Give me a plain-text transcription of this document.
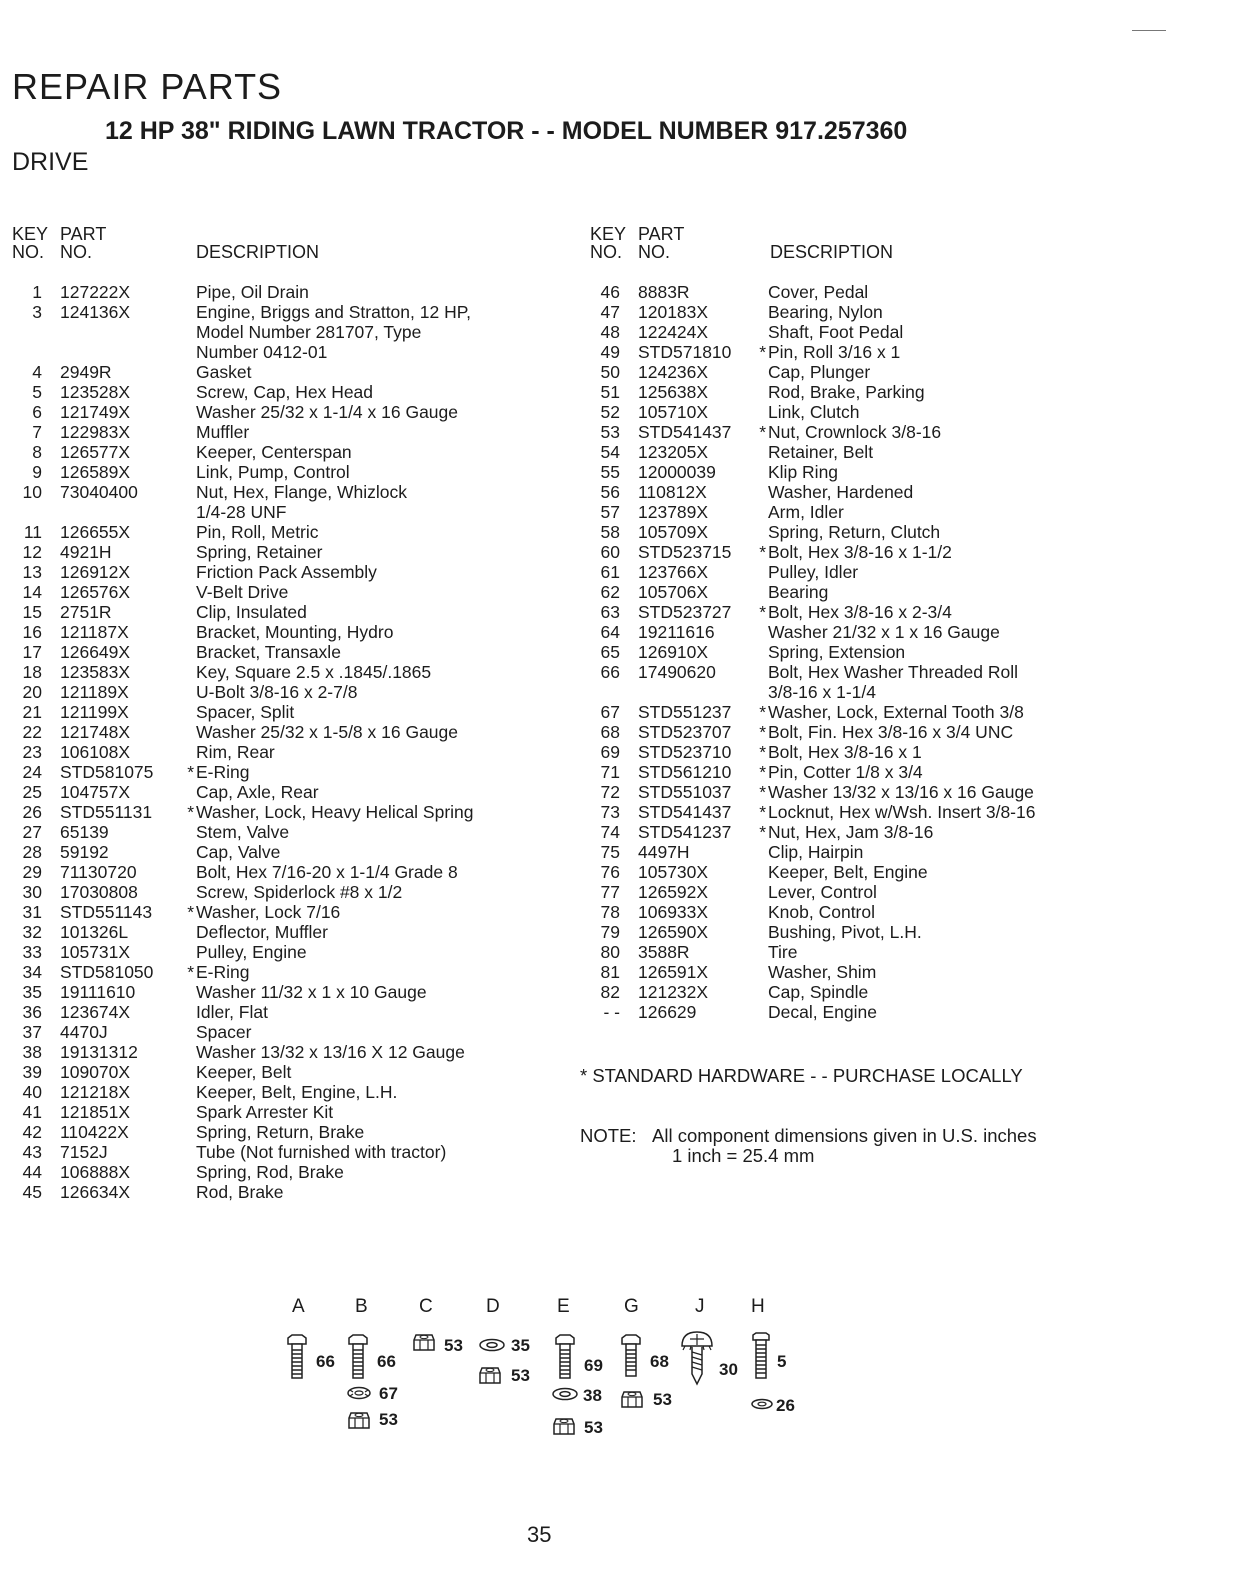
REPAIR PARTS
12 HP 38" RIDING LAWN TRACTOR - - MODEL NUMBER 917.257360
DRIVE
KEY PART
NO. NO.	DESCRIPTION
1 127222X	Pipe, Oil Drain
3 124136X	Engine, Briggs and Stratton, 12 HP,
Model Number 281707, Type
Number 0412-01
4 2949R	Gasket
5 123528X	Screw, Cap, Hex Head
6 121749X	Washer 25/32 x 1-1/4 x 16 Gauge
7 122983X	Muffler
8 126577X	Keeper, Centerspan
9 126589X	Link, Pump, Control
10 73040400	Nut, Hex, Flange, Whizlock
1/4-28 UNF
11 126655X	Pin, Roll, Metric
12 4921H	Spring, Retainer
13 126912X	Friction Pack Assembly
14 126576X	V-Belt Drive
15 2751R	Clip, Insulated
16 121187X	Bracket, Mounting, Hydro
17 126649X	Bracket, Transaxle
18 123583X	Key, Square 2.5 x .1845/.1865
20 121189X	U-Bolt 3/8-16 x 2-7/8
21 121199X	Spacer, Split
22 121748X	Washer 25/32 x 1-5/8 x 16 Gauge
23 106108X	Rim, Rear
24 STD581075 * E-Ring
25 104757X	Cap, Axle, Rear
26 STD551131 * Washer, Lock, Heavy Helical Spring
27 65139	Stem, Valve
28 59192	Cap, Valve
29 71130720	Bolt, Hex 7/16-20 x 1-1/4 Grade 8
30 17030808	Screw, Spiderlock #8 x 1/2
31 STD551143 * Washer, Lock 7/16
32 101326L	Deflector, Muffler
33 105731X	Pulley, Engine
34 STD581050 * E-Ring
35 19111610	Washer 11/32 x 1 x 10 Gauge
36 123674X	Idler, Flat
37 4470J	Spacer
38 19131312	Washer 13/32 x 13/16 X 12 Gauge
39 109070X	Keeper, Belt
40 121218X	Keeper, Belt, Engine, L.H.
41 121851X	Spark Arrester Kit
42 110422X	Spring, Return, Brake
43 7152J	Tube (Not furnished with tractor)
44 106888X	Spring, Rod, Brake
45 126634X	Rod, Brake
KEY PART
NO. NO.	DESCRIPTION
46 8883R	Cover, Pedal
47 120183X	Bearing, Nylon
48 122424X	Shaft, Foot Pedal
49 STD571810 * Pin, Roll 3/16 x 1
50 124236X	Cap, Plunger
51 125638X	Rod, Brake, Parking
52 105710X	Link, Clutch
53 STD541437 * Nut, Crownlock 3/8-16
54 123205X	Retainer, Belt
55 12000039	Klip Ring
56 110812X	Washer, Hardened
57 123789X	Arm, Idler
58 105709X	Spring, Return, Clutch
60 STD523715 * Bolt, Hex 3/8-16 x 1-1/2
61 123766X	Pulley, Idler
62 105706X	Bearing
63 STD523727 * Bolt, Hex 3/8-16 x 2-3/4
64 19211616	Washer 21/32 x 1 x 16 Gauge
65 126910X	Spring, Extension
66 17490620	Bolt, Hex Washer Threaded Roll
3/8-16 x 1-1/4
67 STD551237 * Washer, Lock, External Tooth 3/8
68 STD523707 * Bolt, Fin. Hex 3/8-16 x 3/4 UNC
69 STD523710 * Bolt, Hex 3/8-16 x 1
71 STD561210 * Pin, Cotter 1/8 x 3/4
72 STD551037 * Washer 13/32 x 13/16 x 16 Gauge
73 STD541437 * Locknut, Hex w/Wsh. Insert 3/8-16
74 STD541237 * Nut, Hex, Jam 3/8-16
75 4497H	Clip, Hairpin
76 105730X	Keeper, Belt, Engine
77 126592X	Lever, Control
78 106933X	Knob, Control
79 126590X	Bushing, Pivot, L.H.
80 3588R	Tire
81 126591X	Washer, Shim
82 121232X	Cap, Spindle
- - 126629	Decal, Engine
* STANDARD HARDWARE - - PURCHASE LOCALLY
NOTE: All component dimensions given in U.S. inches
1 inch = 25.4 mm
A	B	C	D	E	G	J H
66 66
67
53
53	35
53
69
38
53
68
53
30 5
26
35
